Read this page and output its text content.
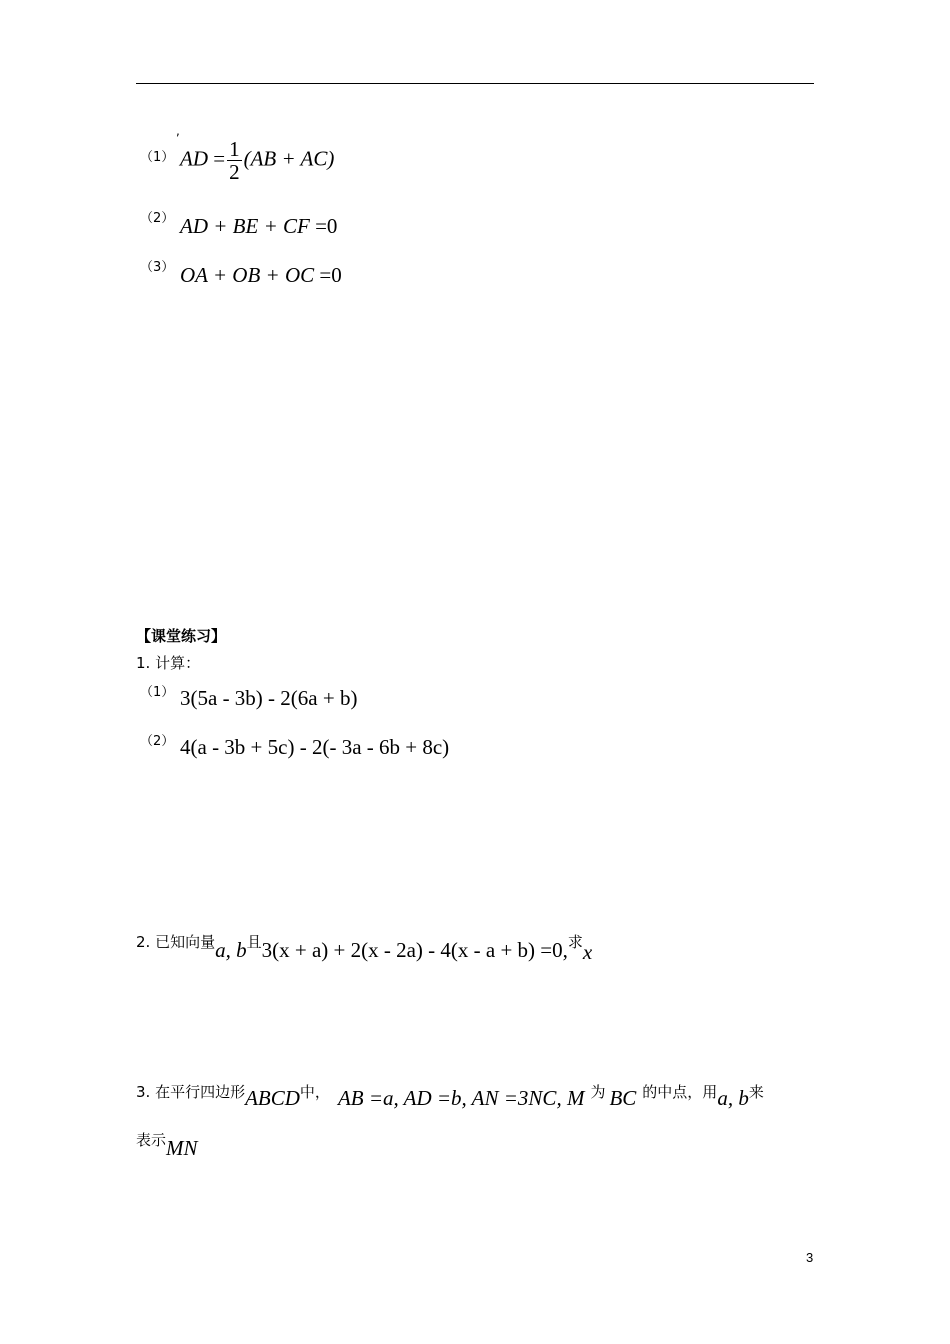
,
（1） AD = $\frac{1}{2} (AB + AC)$
（2） AD + BE + CF =0
（3） OA + OB + OC =0
【课堂练习】
1. 计算：
（1） 3(5a - 3b) - 2(6a + b)
（2） 4(a - 3b + 5c) - 2(- 3a - 6b + 8c)
2. 已知向量a, b且3(x + a) + 2(x - 2a) - 4(x - a + b) =0,求x
3. 在平行四边形ABCD中， AB =a, AD =b, AN =3NC, M 为 BC 的中点，用a, b来
表示MN
3
